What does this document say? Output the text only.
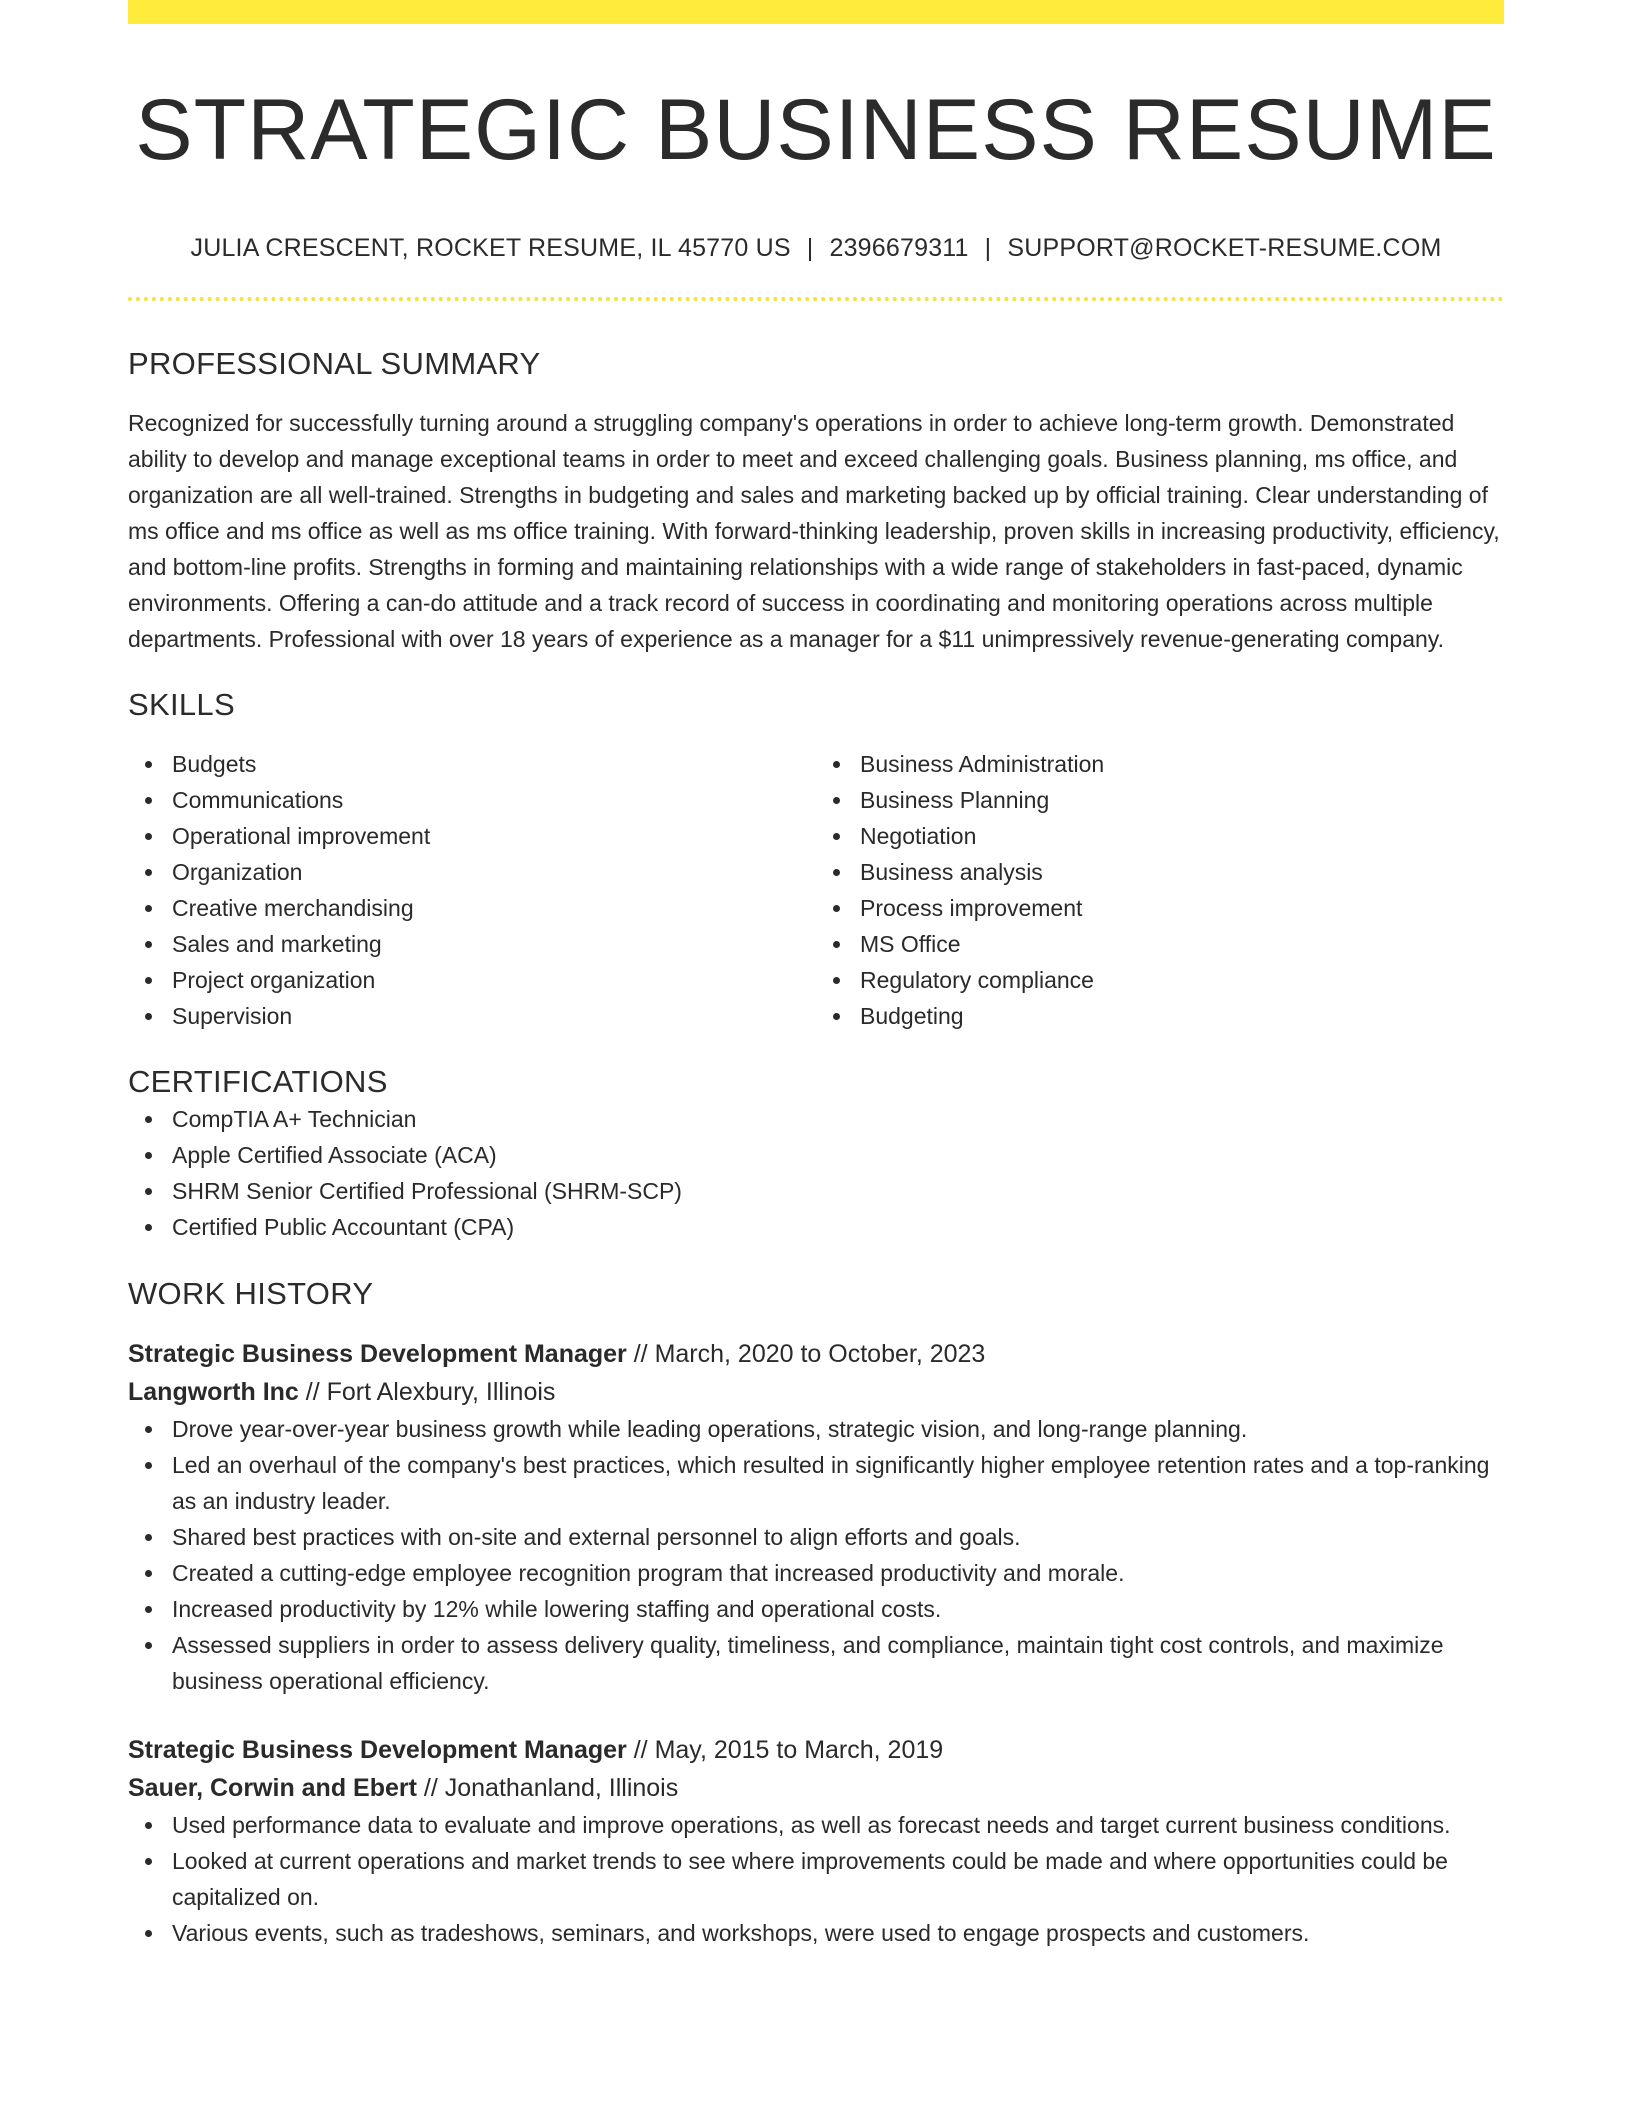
STRATEGIC BUSINESS RESUME
JULIA CRESCENT, ROCKET RESUME, IL 45770 US | 2396679311 | SUPPORT@ROCKET-RESUME.COM
PROFESSIONAL SUMMARY

Recognized for successfully turning around a struggling company's operations in order to achieve long-term growth. Demonstrated ability to develop and manage exceptional teams in order to meet and exceed challenging goals. Business planning, ms office, and organization are all well-trained. Strengths in budgeting and sales and marketing backed up by official training. Clear understanding of ms office and ms office as well as ms office training. With forward-thinking leadership, proven skills in increasing productivity, efficiency, and bottom-line profits. Strengths in forming and maintaining relationships with a wide range of stakeholders in fast-paced, dynamic environments. Offering a can-do attitude and a track record of success in coordinating and monitoring operations across multiple departments. Professional with over 18 years of experience as a manager for a $11 unimpressively revenue-generating company.

SKILLS
Budgets
Communications
Operational improvement
Organization
Creative merchandising
Sales and marketing
Project organization
Supervision
Business Administration
Business Planning
Negotiation
Business analysis
Process improvement
MS Office
Regulatory compliance
Budgeting
CERTIFICATIONS
CompTIA A+ Technician
Apple Certified Associate (ACA)
SHRM Senior Certified Professional (SHRM-SCP)
Certified Public Accountant (CPA)
WORK HISTORY
Strategic Business Development Manager // March, 2020 to October, 2023
Langworth Inc // Fort Alexbury, Illinois
Drove year-over-year business growth while leading operations, strategic vision, and long-range planning.
Led an overhaul of the company's best practices, which resulted in significantly higher employee retention rates and a top-ranking as an industry leader.
Shared best practices with on-site and external personnel to align efforts and goals.
Created a cutting-edge employee recognition program that increased productivity and morale.
Increased productivity by 12% while lowering staffing and operational costs.
Assessed suppliers in order to assess delivery quality, timeliness, and compliance, maintain tight cost controls, and maximize business operational efficiency.
Strategic Business Development Manager // May, 2015 to March, 2019
Sauer, Corwin and Ebert // Jonathanland, Illinois
Used performance data to evaluate and improve operations, as well as forecast needs and target current business conditions.
Looked at current operations and market trends to see where improvements could be made and where opportunities could be capitalized on.
Various events, such as tradeshows, seminars, and workshops, were used to engage prospects and customers.
